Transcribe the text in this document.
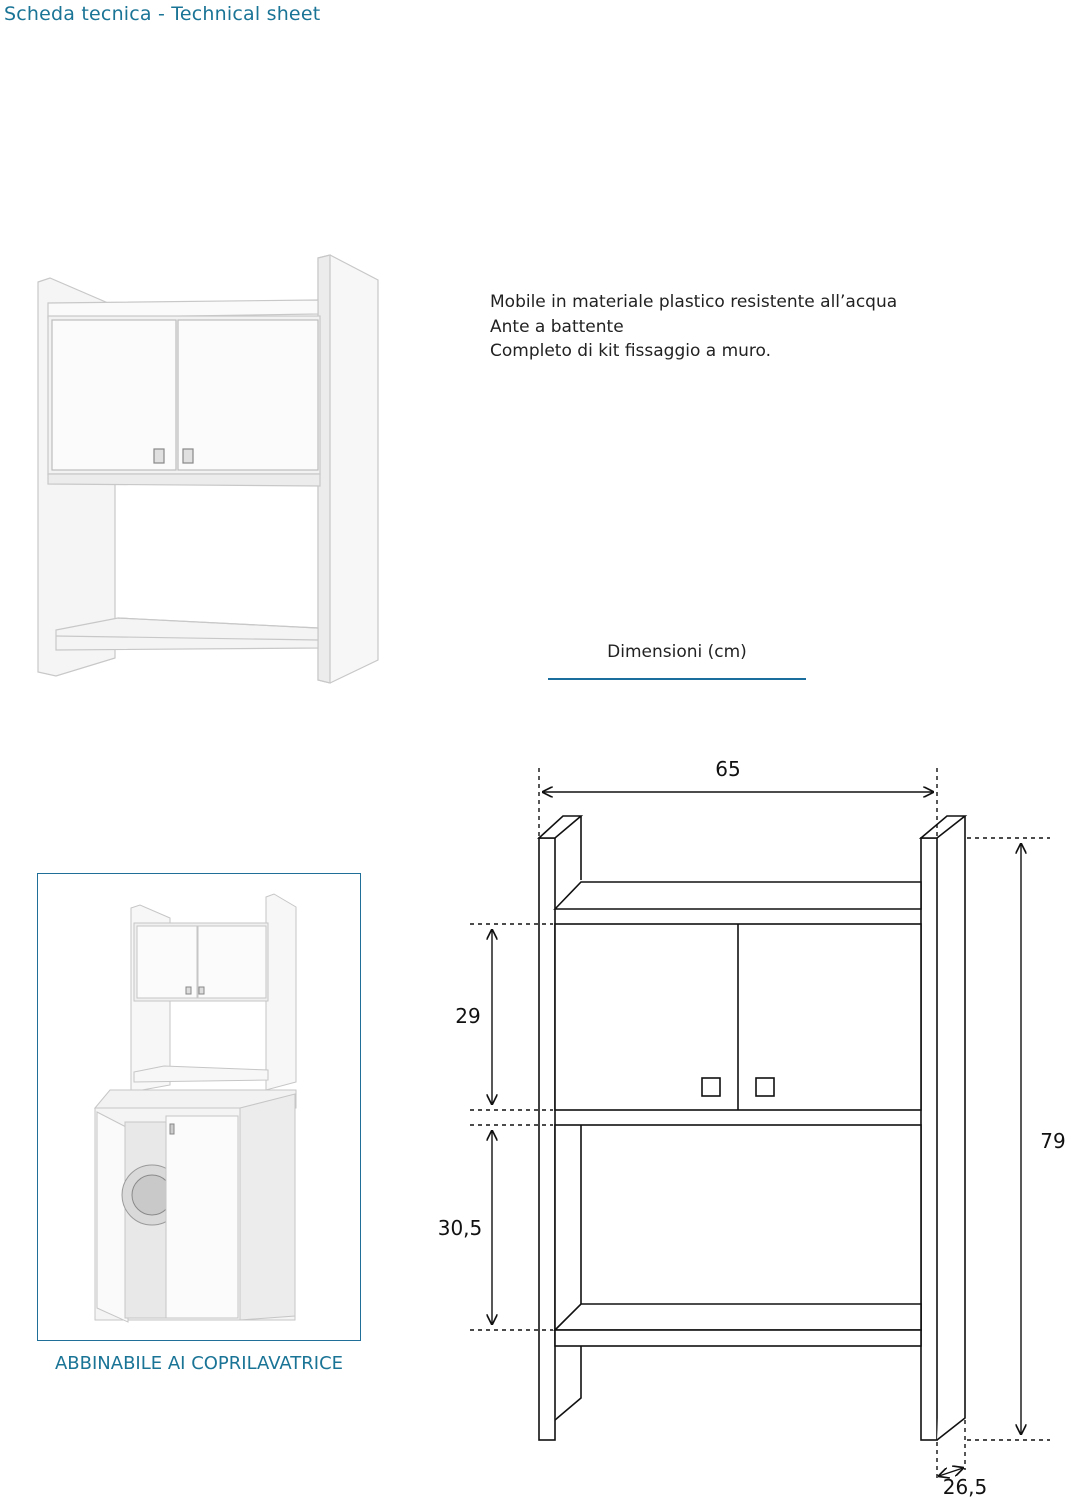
Scheda tecnica - Technical sheet
Mobile in materiale plastico resistente all’acqua
Ante a battente
Completo di kit fissaggio a muro.
Dimensioni (cm)
65
79
29
30,5
26,5
ABBINABILE AI COPRILAVATRICE
